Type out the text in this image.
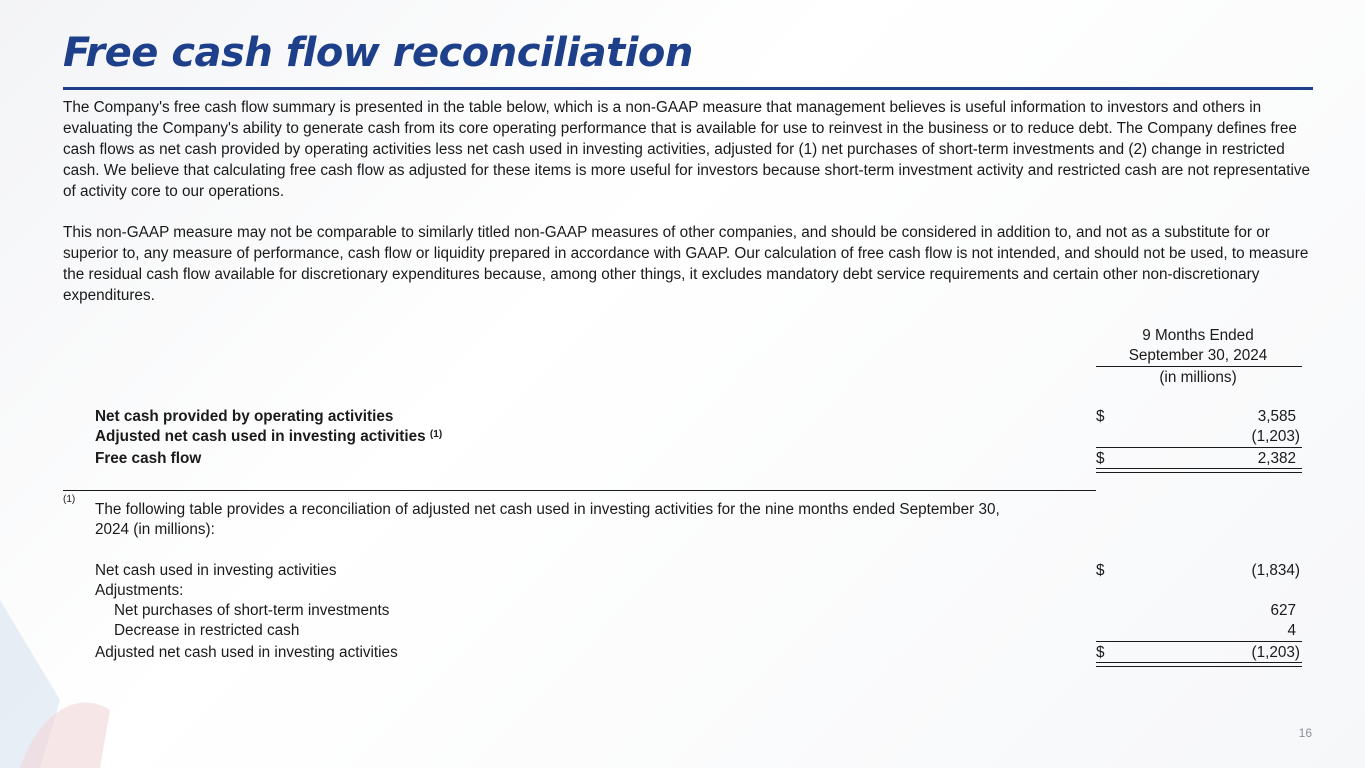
Free cash flow reconciliation

The Company's free cash flow summary is presented in the table below, which is a non-GAAP measure that management believes is useful information to investors and others in evaluating the Company's ability to generate cash from its core operating performance that is available for use to reinvest in the business or to reduce debt. The Company defines free cash flows as net cash provided by operating activities less net cash used in investing activities, adjusted for (1) net purchases of short-term investments and (2) change in restricted cash. We believe that calculating free cash flow as adjusted for these items is more useful for investors because short-term investment activity and restricted cash are not representative of activity core to our operations.

This non-GAAP measure may not be comparable to similarly titled non-GAAP measures of other companies, and should be considered in addition to, and not as a substitute for or superior to, any measure of performance, cash flow or liquidity prepared in accordance with GAAP. Our calculation of free cash flow is not intended, and should not be used, to measure the residual cash flow available for discretionary expenditures because, among other things, it excludes mandatory debt service requirements and certain other non-discretionary expenditures.

9 Months Ended
September 30, 2024
(in millions)
Net cash provided by operating activities	$	3,585
Adjusted net cash used in investing activities $^{(1)}$	(1,203)
Free cash flow	$	2,382
(1)
The following table provides a reconciliation of adjusted net cash used in investing activities for the nine months ended September 30,
2024 (in millions):
Net cash used in investing activities	$	(1,834)
Adjustments:
Net purchases of short-term investments	627
Decrease in restricted cash	4
Adjusted net cash used in investing activities	$	(1,203)
16
